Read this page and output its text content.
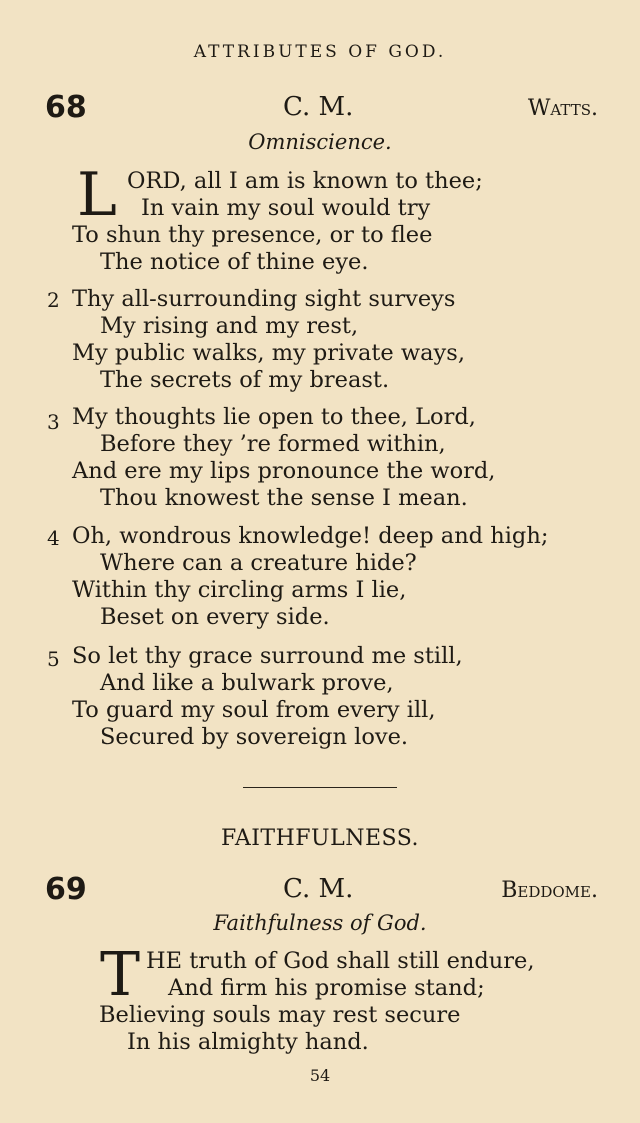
ATTRIBUTES OF GOD.
68	C. M.	Watts.
Omniscience.
L ORD, all I am is known to thee;
In vain my soul would try
To shun thy presence, or to flee
The notice of thine eye.
2 Thy all-surrounding sight surveys
My rising and my rest,
My public walks, my private ways,
The secrets of my breast.
3 My thoughts lie open to thee, Lord,
Before they ’re formed within,
And ere my lips pronounce the word,
Thou knowest the sense I mean.
4 Oh, wondrous knowledge! deep and high;
Where can a creature hide?
Within thy circling arms I lie,
Beset on every side.
5 So let thy grace surround me still,
And like a bulwark prove,
To guard my soul from every ill,
Secured by sovereign love.
FAITHFULNESS.
69	C. M.	Beddome.
Faithfulness of God.
T HE truth of God shall still endure,
And firm his promise stand;
Believing souls may rest secure
In his almighty hand.
54
